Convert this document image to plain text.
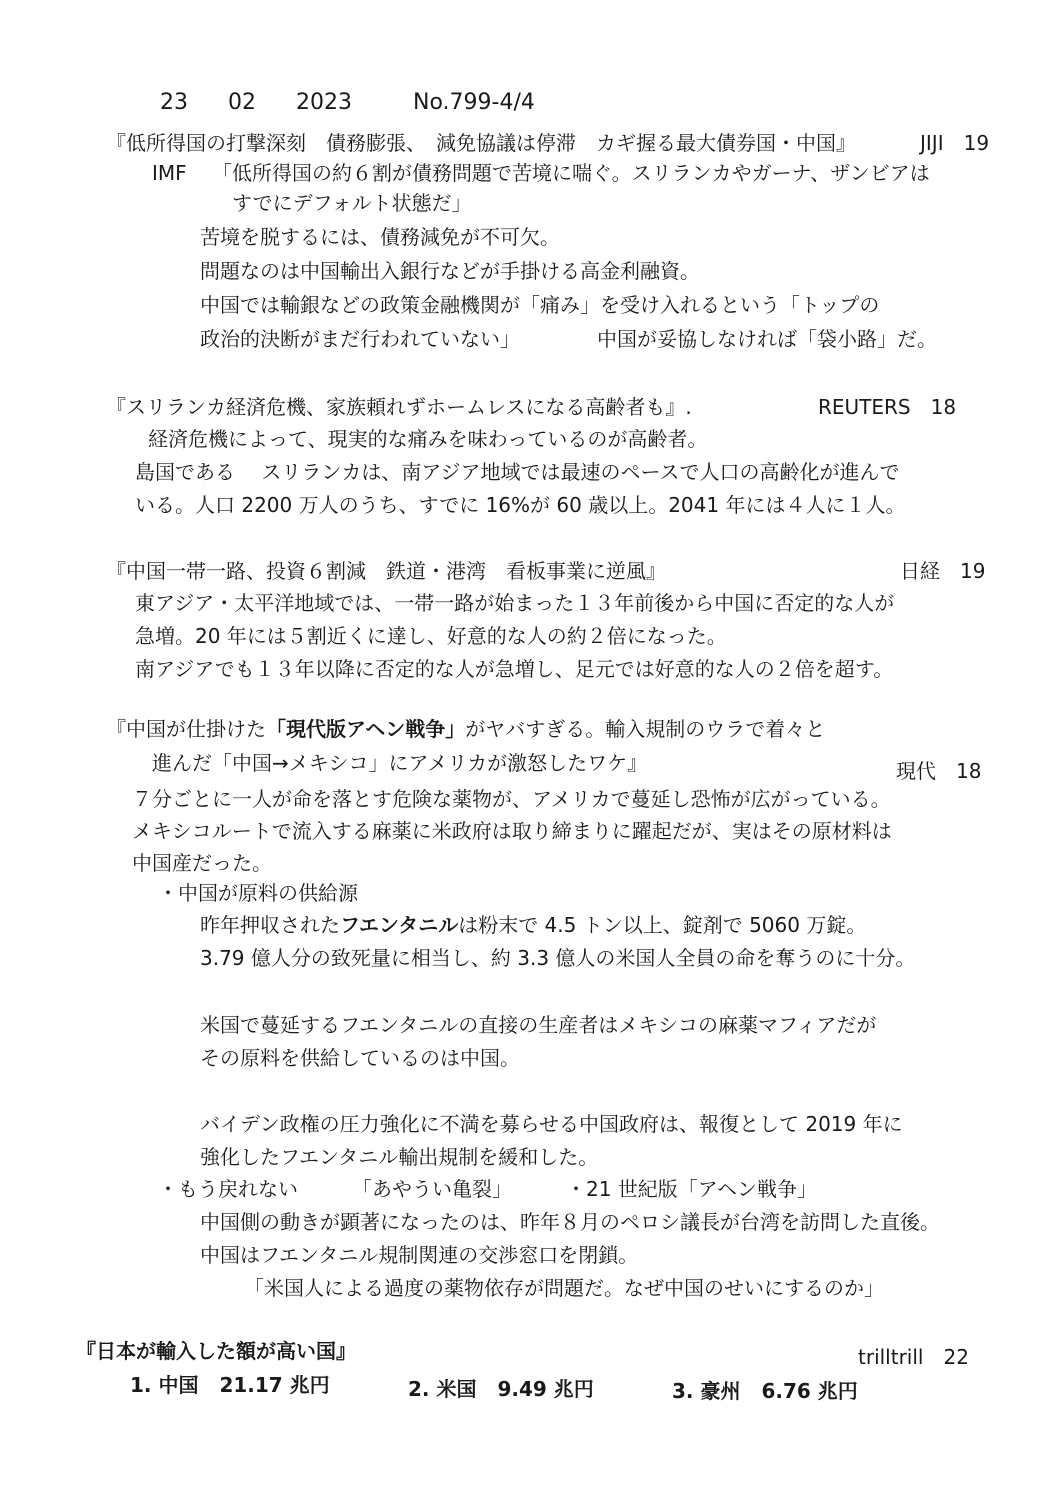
23 02 2023	No.799-4/4
『低所得国の打撃深刻　債務膨張、　減免協議は停滞　カギ握る最大債券国・中国』	JIJI　19
IMF 「低所得国の約６割が債務問題で苦境に喘ぐ。スリランカやガーナ、ザンビアは
すでにデフォルト状態だ」
苦境を脱するには、債務減免が不可欠。
問題なのは中国輸出入銀行などが手掛ける高金利融資。
中国では輸銀などの政策金融機関が「痛み」を受け入れるという「トップの
政治的決断がまだ行われていない」	中国が妥協しなければ「袋小路」だ。
『スリランカ経済危機、家族頼れずホームレスになる高齢者も』.	REUTERS　18
経済危機によって、現実的な痛みを味わっているのが高齢者。
島国である　 スリランカは、南アジア地域では最速のペースで人口の高齢化が進んで
いる。人口 2200 万人のうち、すでに 16%が 60 歳以上。2041 年には４人に１人。
『中国一帯一路、投資６割減　鉄道・港湾　看板事業に逆風』	日経　19
東アジア・太平洋地域では、一帯一路が始まった１３年前後から中国に否定的な人が
急増。20 年には５割近くに達し、好意的な人の約２倍になった。
南アジアでも１３年以降に否定的な人が急増し、足元では好意的な人の２倍を超す。
『中国が仕掛けた「現代版アヘン戦争」がヤバすぎる。輸入規制のウラで着々と
進んだ「中国→メキシコ」にアメリカが激怒したワケ』	現代　18
７分ごとに一人が命を落とす危険な薬物が、アメリカで蔓延し恐怖が広がっている。
メキシコルートで流入する麻薬に米政府は取り締まりに躍起だが、実はその原材料は
中国産だった。
・中国が原料の供給源
昨年押収されたフエンタニルは粉末で 4.5 トン以上、錠剤で 5060 万錠。
3.79 億人分の致死量に相当し、約 3.3 億人の米国人全員の命を奪うのに十分。
米国で蔓延するフエンタニルの直接の生産者はメキシコの麻薬マフィアだが
その原料を供給しているのは中国。
バイデン政権の圧力強化に不満を募らせる中国政府は、報復として 2019 年に
強化したフエンタニル輸出規制を緩和した。
・もう戻れない	「あやうい亀裂」	・21 世紀版「アヘン戦争」
中国側の動きが顕著になったのは、昨年８月のペロシ議長が台湾を訪問した直後。
中国はフエンタニル規制関連の交渉窓口を閉鎖。
「米国人による過度の薬物依存が問題だ。なぜ中国のせいにするのか」
『日本が輸入した額が高い国』	trilltrill　22
1. 中国 21.17 兆円	2. 米国 9.49 兆円	3. 豪州 6.76 兆円
